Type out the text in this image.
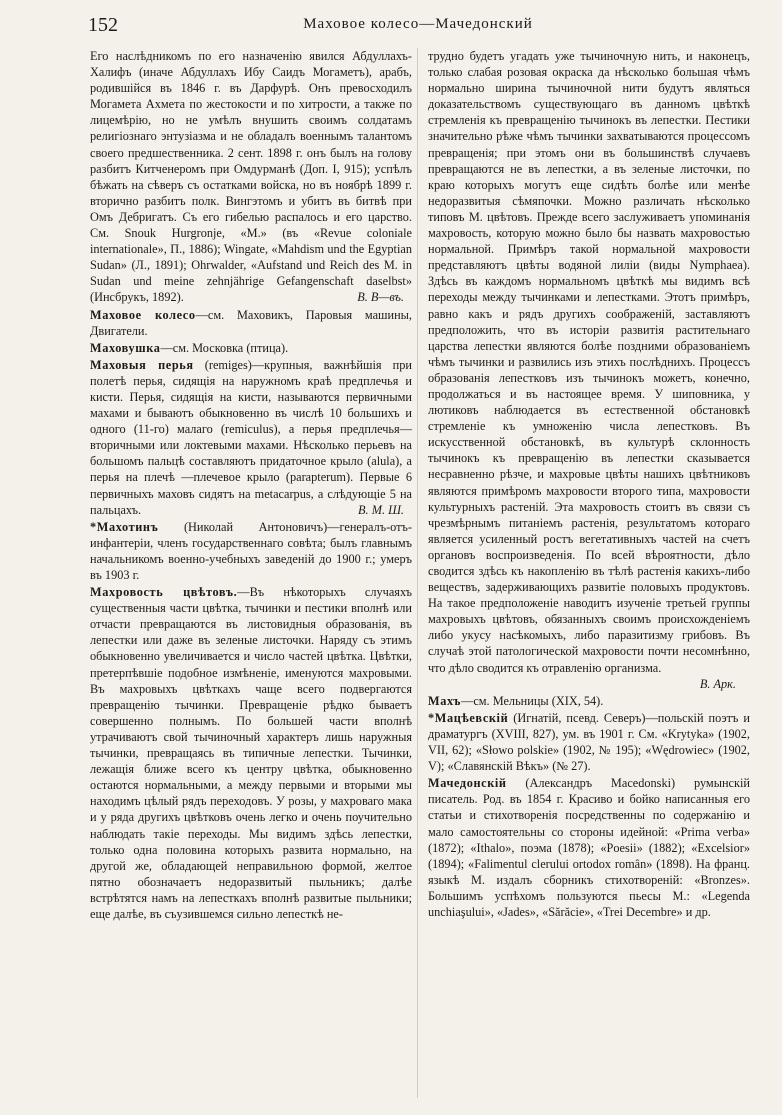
152	Маховое колесо—Мачедонский

Его наслѣдникомъ по его назначенію явился Абдуллахъ-Халифъ (иначе Абдуллахъ Ибу Саидъ Могаметъ), арабъ, родившійся въ 1846 г. въ Дарфурѣ. Онъ превосходилъ Могамета Ахмета по жестокости и по хитрости, а также по лицемѣрію, но не умѣлъ внушить своимъ солдатамъ религіознаго энтузіазма и не обладалъ военнымъ талантомъ своего предшественника. 2 сент. 1898 г. онъ былъ на голову разбитъ Китченеромъ при Омдурманѣ (Доп. I, 915); успѣлъ бѣжать на сѣверъ съ остатками войска, но въ ноябрѣ 1899 г. вторично разбитъ полк. Вингэтомъ и убитъ въ битвѣ при Омъ Дебригатъ. Съ его гибелью распалось и его царство. См. Snouk Hurgronje, «M.» (въ «Revue coloniale internationale», П., 1886); Wingate, «Mahdism und the Egyptian Sudan» (Л., 1891); Ohrwalder, «Aufstand und Reich des M. in Sudan und meine zehnjährige Gefangenschaft daselbst» (Инсбрукъ, 1892).	В. В—въ.

Маховое колесо—см. Маховикъ, Паровыя машины, Двигатели.

Маховушка—см. Московка (птица).

Маховыя перья (remiges)—крупныя, важнѣйшія при полетѣ перья, сидящія на наружномъ краѣ предплечья и кисти. Перья, сидящія на кисти, называются первичными махами и бываютъ обыкновенно въ числѣ 10 большихъ и одного (11-го) малаго (remiculus), а перья предплечья—вторичными или локтевыми махами. Нѣсколько перьевъ на большомъ пальцѣ составляютъ придаточное крыло (alula), а перья на плечѣ —плечевое крыло (parapterum). Первые 6 первичныхъ маховъ сидятъ на metacarpus, а слѣдующіе 5 на пальцахъ.	В. М. Ш.

*Махотинъ (Николай Антоновичъ)—генералъ-отъ-инфантеріи, членъ государственнаго совѣта; былъ главнымъ начальникомъ военно-учебныхъ заведеній до 1900 г.; умеръ въ 1903 г.

Махровость цвѣтовъ.—Въ нѣкоторыхъ случаяхъ существенныя части цвѣтка, тычинки и пестики вполнѣ или отчасти превращаются въ листовидныя образованія, въ лепестки или даже въ зеленые листочки. Наряду съ этимъ обыкновенно увеличивается и число частей цвѣтка. Цвѣтки, претерпѣвшіе подобное измѣненіе, именуются махровыми. Въ махровыхъ цвѣткахъ чаще всего подвергаются превращенію тычинки. Превращеніе рѣдко бываетъ совершенно полнымъ. По большей части вполнѣ утрачиваютъ свой тычиночный характеръ лишь наружныя тычинки, превращаясь въ типичные лепестки. Тычинки, лежащія ближе всего къ центру цвѣтка, обыкновенно остаются нормальными, а между первыми и вторыми мы находимъ цѣлый рядъ переходовъ. У розы, у махроваго мака и у ряда другихъ цвѣтковъ очень легко и очень поучительно наблюдать такіе переходы. Мы видимъ здѣсь лепестки, только одна половина которыхъ развита нормально, на другой же, обладающей неправильною формой, желтое пятно обозначаетъ недоразвитый пыльникъ; далѣе встрѣтятся намъ на лепесткахъ вполнѣ развитые пыльники; еще далѣе, въ съузившемся сильно лепесткѣ не-

трудно будетъ угадать уже тычиночную нить, и наконецъ, только слабая розовая окраска да нѣсколько большая чѣмъ нормально ширина тычиночной нити будутъ являться доказательствомъ существующаго въ данномъ цвѣткѣ стремленія къ превращенію тычинокъ въ лепестки. Пестики значительно рѣже чѣмъ тычинки захватываются процессомъ превращенія; при этомъ они въ большинствѣ случаевъ превращаются не въ лепестки, а въ зеленые листочки, по краю которыхъ могутъ еще сидѣть болѣе или менѣе недоразвитыя сѣмяпочки. Можно различать нѣсколько типовъ М. цвѣтовъ. Прежде всего заслуживаетъ упоминанія махровость, которую можно было бы назвать махровостью нормальной. Примѣръ такой нормальной махровости представляютъ цвѣты водяной лиліи (виды Nymphaea). Здѣсь въ каждомъ нормальномъ цвѣткѣ мы видимъ всѣ переходы между тычинками и лепестками. Этотъ примѣръ, равно какъ и рядъ другихъ соображеній, заставляютъ предположить, что въ исторіи развитія растительнаго царства лепестки являются болѣе поздними образованіемъ чѣмъ тычинки и развились изъ этихъ послѣднихъ. Процессъ образованія лепестковъ изъ тычинокъ можетъ, конечно, продолжаться и въ настоящее время. У шиповника, у лютиковъ наблюдается въ естественной обстановкѣ стремленіе къ умноженію числа лепестковъ. Въ искусственной обстановкѣ, въ культурѣ склонность тычинокъ къ превращенію въ лепестки сказывается несравненно рѣзче, и махровые цвѣты нашихъ цвѣтниковъ являются примѣромъ махровости второго типа, махровости культурныхъ растеній. Эта махровость стоитъ въ связи съ чрезмѣрнымъ питаніемъ растенія, результатомъ котораго является усиленный ростъ вегетативныхъ частей на счетъ органовъ воспроизведенія. По всей вѣроятности, дѣло сводится здѣсь къ накопленію въ тѣлѣ растенія какихъ-либо веществъ, задерживающихъ развитіе половыхъ продуктовъ. На такое предположеніе наводитъ изученіе третьей группы махровыхъ цвѣтовъ, обязанныхъ своимъ происхожденіемъ либо укусу насѣкомыхъ, либо паразитизму грибовъ. Въ случаѣ этой патологической махровости почти несомнѣнно, что дѣло сводится къ отравленію организма.
В. Арк.

Махъ—см. Мельницы (XIX, 54).

*Мацѣевскій (Игнатій, псевд. Северъ)—польскій поэтъ и драматургъ (XVIII, 827), ум. въ 1901 г. См. «Krytyka» (1902, VII, 62); «Słowo polskie» (1902, № 195); «Wędrowiec» (1902, V); «Славянскій Вѣкъ» (№ 27).

Мачедонскій (Александръ Macedonski) румынскій писатель. Род. въ 1854 г. Красиво и бойко написанныя его статьи и стихотворенія посредственны по содержанію и мало самостоятельны со стороны идейной: «Prima verba» (1872); «Ithalo», поэма (1878); «Poesii» (1882); «Excelsior» (1894); «Falimentul clerului ortodox român» (1898). На франц. языкѣ М. издалъ сборникъ стихотвореній: «Bronzes». Большимъ успѣхомъ пользуются пьесы М.: «Legenda unchiaşului», «Jades», «Sărăcie», «Trei Decembre» и др.
